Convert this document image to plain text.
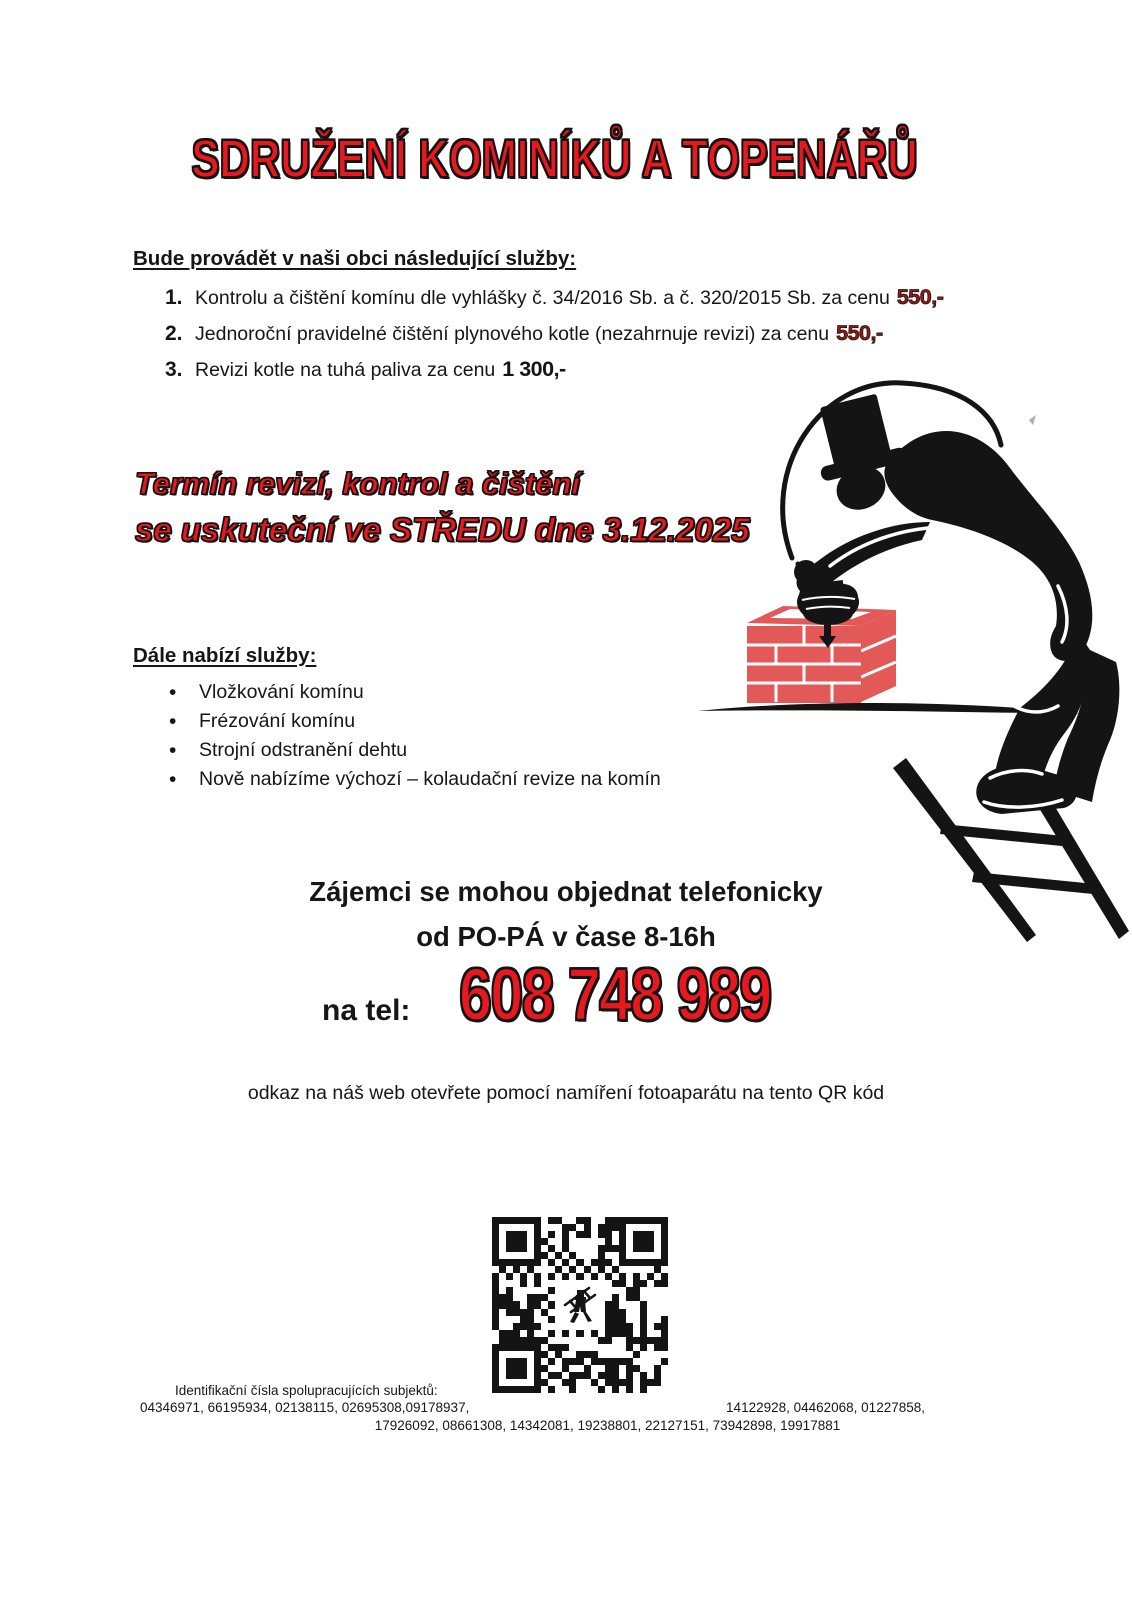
SDRUŽENÍ KOMINÍKŮ A TOPENÁŘŮ
Bude provádět v naši obci následující služby:
1. Kontrolu a čištění komínu dle vyhlášky č. 34/2016 Sb. a č. 320/2015 Sb. za cenu 550,-
2. Jednoroční pravidelné čištění plynového kotle (nezahrnuje revizi) za cenu 550,-
3. Revizi kotle na tuhá paliva za cenu 1 300,-
Termín revizí, kontrol a čištění
se uskuteční ve STŘEDU dne 3.12.2025
Dále nabízí služby:
• Vložkování komínu
• Frézování komínu
• Strojní odstranění dehtu
• Nově nabízíme výchozí – kolaudační revize na komín
Zájemci se mohou objednat telefonicky
od PO-PÁ v čase 8-16h
na tel: 608 748 989
odkaz na náš web otevřete pomocí namíření fotoaparátu na tento QR kód
Identifikační čísla spolupracujících subjektů:
04346971, 66195934, 02138115, 02695308,09178937,	14122928, 04462068, 01227858,
17926092, 08661308, 14342081, 19238801, 22127151, 73942898, 19917881
